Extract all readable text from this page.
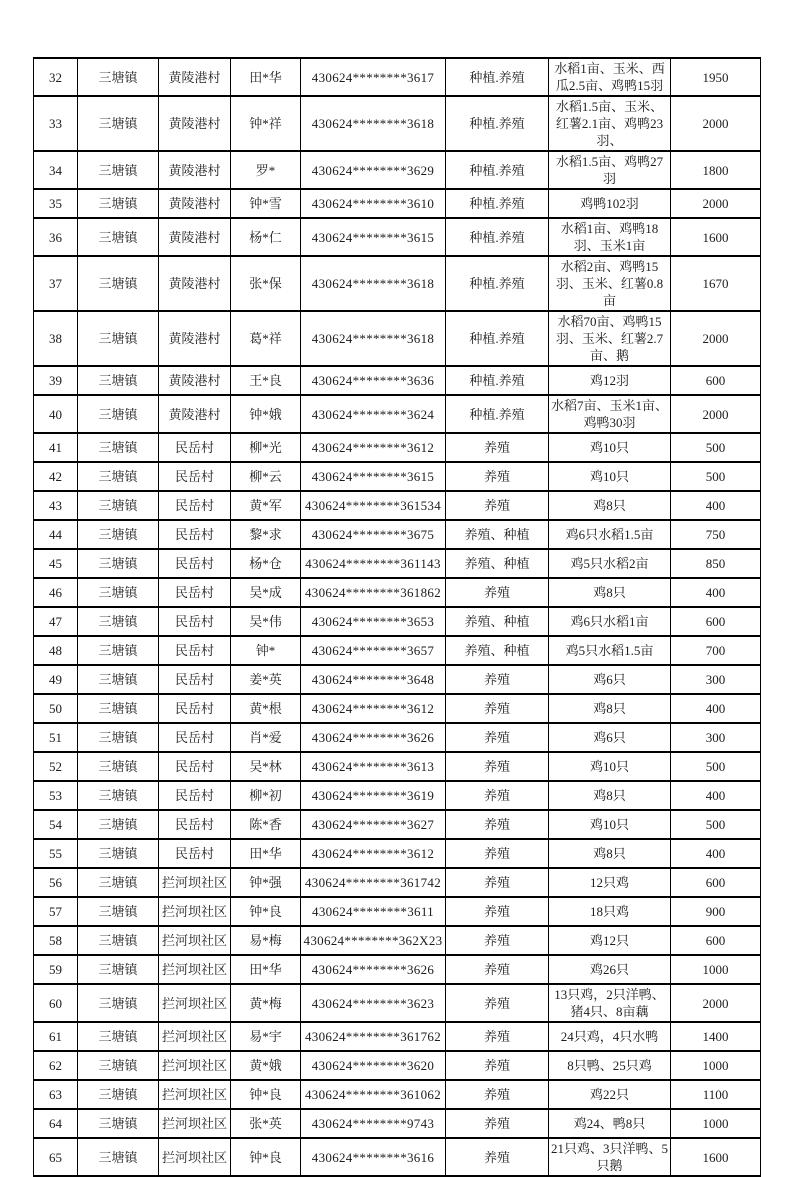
32	三塘镇	黄陵港村	田*华	430624********3617	种植.养殖	水稻1亩、玉米、西瓜2.5亩、鸡鸭15羽	1950
33	三塘镇	黄陵港村	钟*祥	430624********3618	种植.养殖	水稻1.5亩、玉米、红薯2.1亩、鸡鸭23羽、	2000
34	三塘镇	黄陵港村	罗*	430624********3629	种植.养殖	水稻1.5亩、鸡鸭27羽	1800
35	三塘镇	黄陵港村	钟*雪	430624********3610	种植.养殖	鸡鸭102羽	2000
36	三塘镇	黄陵港村	杨*仁	430624********3615	种植.养殖	水稻1亩、鸡鸭18羽、玉米1亩	1600
37	三塘镇	黄陵港村	张*保	430624********3618	种植.养殖	水稻2亩、鸡鸭15羽、玉米、红薯0.8亩	1670
38	三塘镇	黄陵港村	葛*祥	430624********3618	种植.养殖	水稻70亩、鸡鸭15羽、玉米、红薯2.7亩、鹅	2000
39	三塘镇	黄陵港村	王*良	430624********3636	种植.养殖	鸡12羽	600
40	三塘镇	黄陵港村	钟*娥	430624********3624	种植.养殖	水稻7亩、玉米1亩、鸡鸭30羽	2000
41	三塘镇	民岳村	柳*光	430624********3612	养殖	鸡10只	500
42	三塘镇	民岳村	柳*云	430624********3615	养殖	鸡10只	500
43	三塘镇	民岳村	黄*军	430624********361534	养殖	鸡8只	400
44	三塘镇	民岳村	黎*求	430624********3675	养殖、种植	鸡6只水稻1.5亩	750
45	三塘镇	民岳村	杨*仓	430624********361143	养殖、种植	鸡5只水稻2亩	850
46	三塘镇	民岳村	吴*成	430624********361862	养殖	鸡8只	400
47	三塘镇	民岳村	吴*伟	430624********3653	养殖、种植	鸡6只水稻1亩	600
48	三塘镇	民岳村	钟*	430624********3657	养殖、种植	鸡5只水稻1.5亩	700
49	三塘镇	民岳村	姜*英	430624********3648	养殖	鸡6只	300
50	三塘镇	民岳村	黄*根	430624********3612	养殖	鸡8只	400
51	三塘镇	民岳村	肖*爱	430624********3626	养殖	鸡6只	300
52	三塘镇	民岳村	吴*林	430624********3613	养殖	鸡10只	500
53	三塘镇	民岳村	柳*初	430624********3619	养殖	鸡8只	400
54	三塘镇	民岳村	陈*香	430624********3627	养殖	鸡10只	500
55	三塘镇	民岳村	田*华	430624********3612	养殖	鸡8只	400
56	三塘镇	拦河坝社区	钟*强	430624********361742	养殖	12只鸡	600
57	三塘镇	拦河坝社区	钟*良	430624********3611	养殖	18只鸡	900
58	三塘镇	拦河坝社区	易*梅	430624********362X23	养殖	鸡12只	600
59	三塘镇	拦河坝社区	田*华	430624********3626	养殖	鸡26只	1000
60	三塘镇	拦河坝社区	黄*梅	430624********3623	养殖	13只鸡，2只洋鸭、猪4只、8亩藕	2000
61	三塘镇	拦河坝社区	易*宇	430624********361762	养殖	24只鸡，4只水鸭	1400
62	三塘镇	拦河坝社区	黄*娥	430624********3620	养殖	8只鸭、25只鸡	1000
63	三塘镇	拦河坝社区	钟*良	430624********361062	养殖	鸡22只	1100
64	三塘镇	拦河坝社区	张*英	430624********9743	养殖	鸡24、鸭8只	1000
65	三塘镇	拦河坝社区	钟*良	430624********3616	养殖	21只鸡、3只洋鸭、5只鹅	1600
